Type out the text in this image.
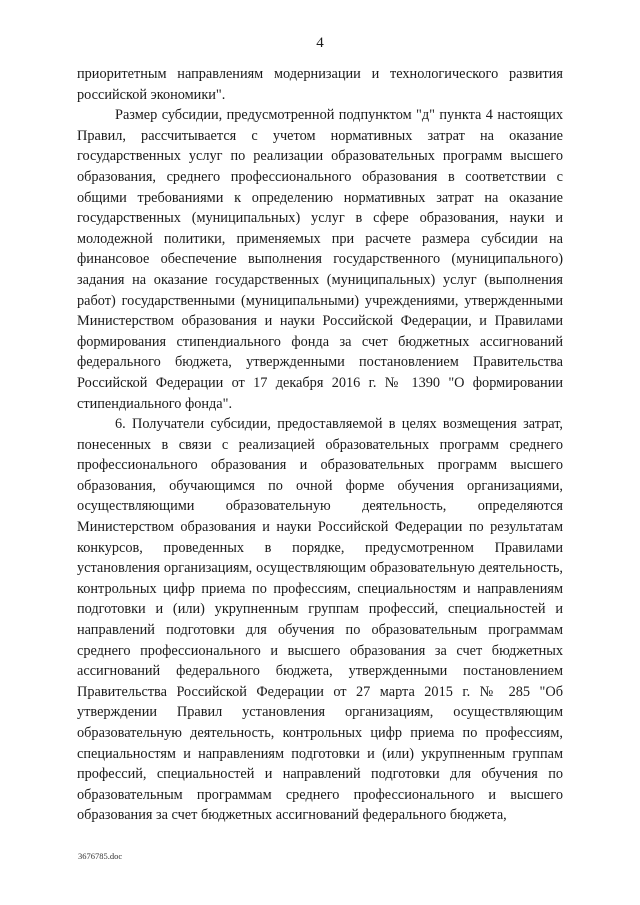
4

приоритетным направлениям модернизации и технологического развития российской экономики".

Размер субсидии, предусмотренной подпунктом "д" пункта 4 настоящих Правил, рассчитывается с учетом нормативных затрат на оказание государственных услуг по реализации образовательных программ высшего образования, среднего профессионального образования в соответствии с общими требованиями к определению нормативных затрат на оказание государственных (муниципальных) услуг в сфере образования, науки и молодежной политики, применяемых при расчете размера субсидии на финансовое обеспечение выполнения государственного (муниципального) задания на оказание государственных (муниципальных) услуг (выполнения работ) государственными (муниципальными) учреждениями, утвержденными Министерством образования и науки Российской Федерации, и Правилами формирования стипендиального фонда за счет бюджетных ассигнований федерального бюджета, утвержденными постановлением Правительства Российской Федерации от 17 декабря 2016 г. № 1390 "О формировании стипендиального фонда".

6. Получатели субсидии, предоставляемой в целях возмещения затрат, понесенных в связи с реализацией образовательных программ среднего профессионального образования и образовательных программ высшего образования, обучающимся по очной форме обучения организациями, осуществляющими образовательную деятельность, определяются Министерством образования и науки Российской Федерации по результатам конкурсов, проведенных в порядке, предусмотренном Правилами установления организациям, осуществляющим образовательную деятельность, контрольных цифр приема по профессиям, специальностям и направлениям подготовки и (или) укрупненным группам профессий, специальностей и направлений подготовки для обучения по образовательным программам среднего профессионального и высшего образования за счет бюджетных ассигнований федерального бюджета, утвержденными постановлением Правительства Российской Федерации от 27 марта 2015 г. № 285 "Об утверждении Правил установления организациям, осуществляющим образовательную деятельность, контрольных цифр приема по профессиям, специальностям и направлениям подготовки и (или) укрупненным группам профессий, специальностей и направлений подготовки для обучения по образовательным программам среднего профессионального и высшего образования за счет бюджетных ассигнований федерального бюджета,

3676785.doc
